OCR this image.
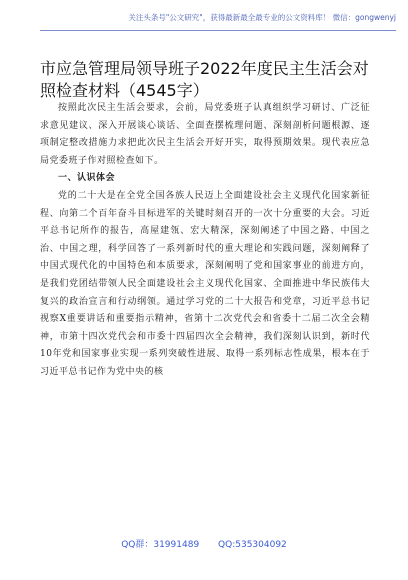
关注头条号"公文研究"，获得最新最全最专业的公文资料库！ 微信：gongwenyj
市应急管理局领导班子2022年度民主生活会对照检查材料（4545字）

按照此次民主生活会要求，会前，局党委班子认真组织学习研讨、广泛征求意见建议、深入开展谈心谈话、全面查摆梳理问题、深刻剖析问题根源、逐项制定整改措施力求把此次民主生活会开好开实，取得预期效果。现代表应急局党委班子作对照检查如下。

一、认识体会

党的二十大是在全党全国各族人民迈上全面建设社会主义现代化国家新征程、向第二个百年奋斗目标进军的关键时刻召开的一次十分重要的大会。习近平总书记所作的报告，高屋建瓴、宏大精深，深刻阐述了中国之路、中国之治、中国之理，科学回答了一系列新时代的重大理论和实践问题，深刻阐释了中国式现代化的中国特色和本质要求，深刻阐明了党和国家事业的前进方向，是我们党团结带领人民全面建设社会主义现代化国家、全面推进中华民族伟大复兴的政治宣言和行动纲领。通过学习党的二十大报告和党章，习近平总书记视察X重要讲话和重要指示精神，省第十二次党代会和省委十二届二次全会精神，市第十四次党代会和市委十四届四次全会精神，我们深刻认识到，新时代10年党和国家事业实现一系列突破性进展、取得一系列标志性成果，根本在于习近平总书记作为党中央的核

QQ群：31991489 QQ:535304092
